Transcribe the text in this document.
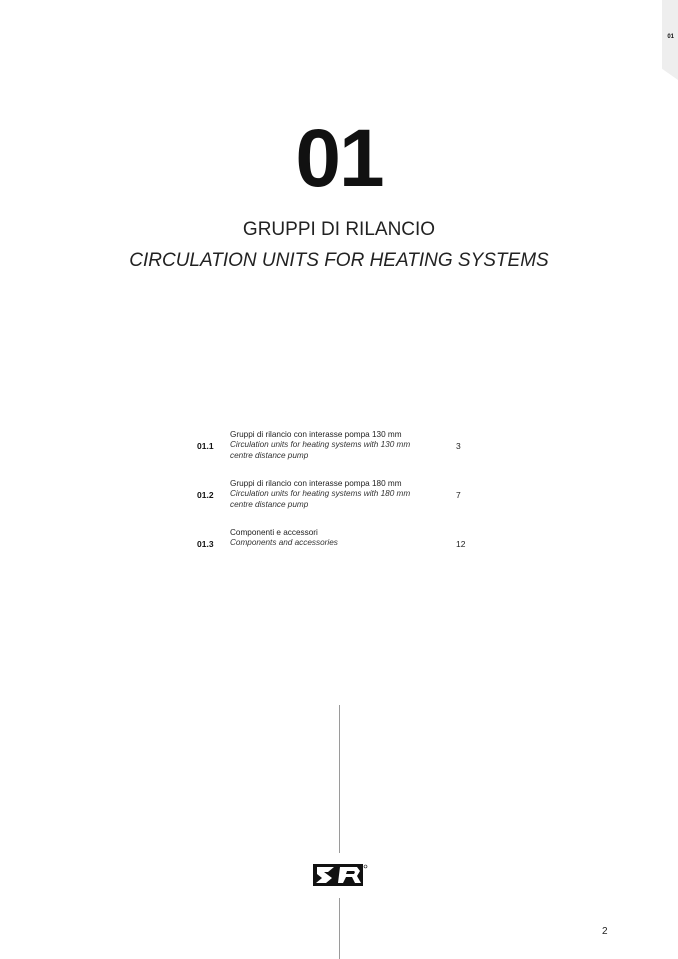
01
01
GRUPPI DI RILANCIO
CIRCULATION UNITS FOR HEATING SYSTEMS
01.1
Gruppi di rilancio con interasse pompa 130 mm
Circulation units for heating systems with 130 mm
centre distance pump
3
01.2
Gruppi di rilancio con interasse pompa 180 mm
Circulation units for heating systems with 180 mm
centre distance pump
7
01.3
Componenti e accessori
Components and accessories	12
2
